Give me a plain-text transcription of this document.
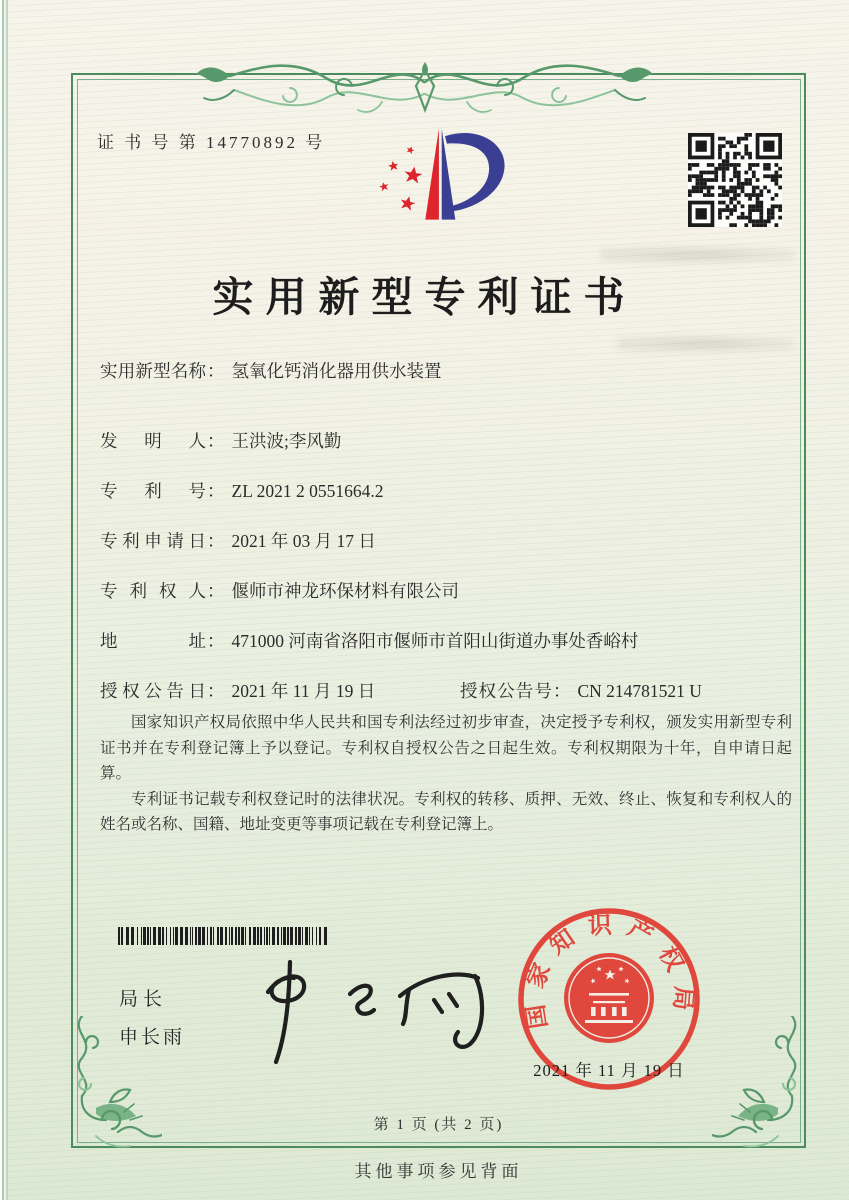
证 书 号 第 14770892 号
实用新型专利证书
实用新型名称： 氢氧化钙消化器用供水装置
发明人： 王洪波;李风勤
专利号： ZL 2021 2 0551664.2
专利申请日： 2021 年 03 月 17 日
专利权人： 偃师市神龙环保材料有限公司
地址： 471000 河南省洛阳市偃师市首阳山街道办事处香峪村
授权公告日： 2021 年 11 月 19 日	授权公告号： CN 214781521 U

国家知识产权局依照中华人民共和国专利法经过初步审查，决定授予专利权，颁发实用新型专利证书并在专利登记簿上予以登记。专利权自授权公告之日起生效。专利权期限为十年，自申请日起算。

专利证书记载专利权登记时的法律状况。专利权的转移、质押、无效、终止、恢复和专利权人的姓名或名称、国籍、地址变更等事项记载在专利登记簿上。

局长
申长雨
国家知识产权局
2021 年 11 月 19 日
第 1 页 (共 2 页)
其他事项参见背面
